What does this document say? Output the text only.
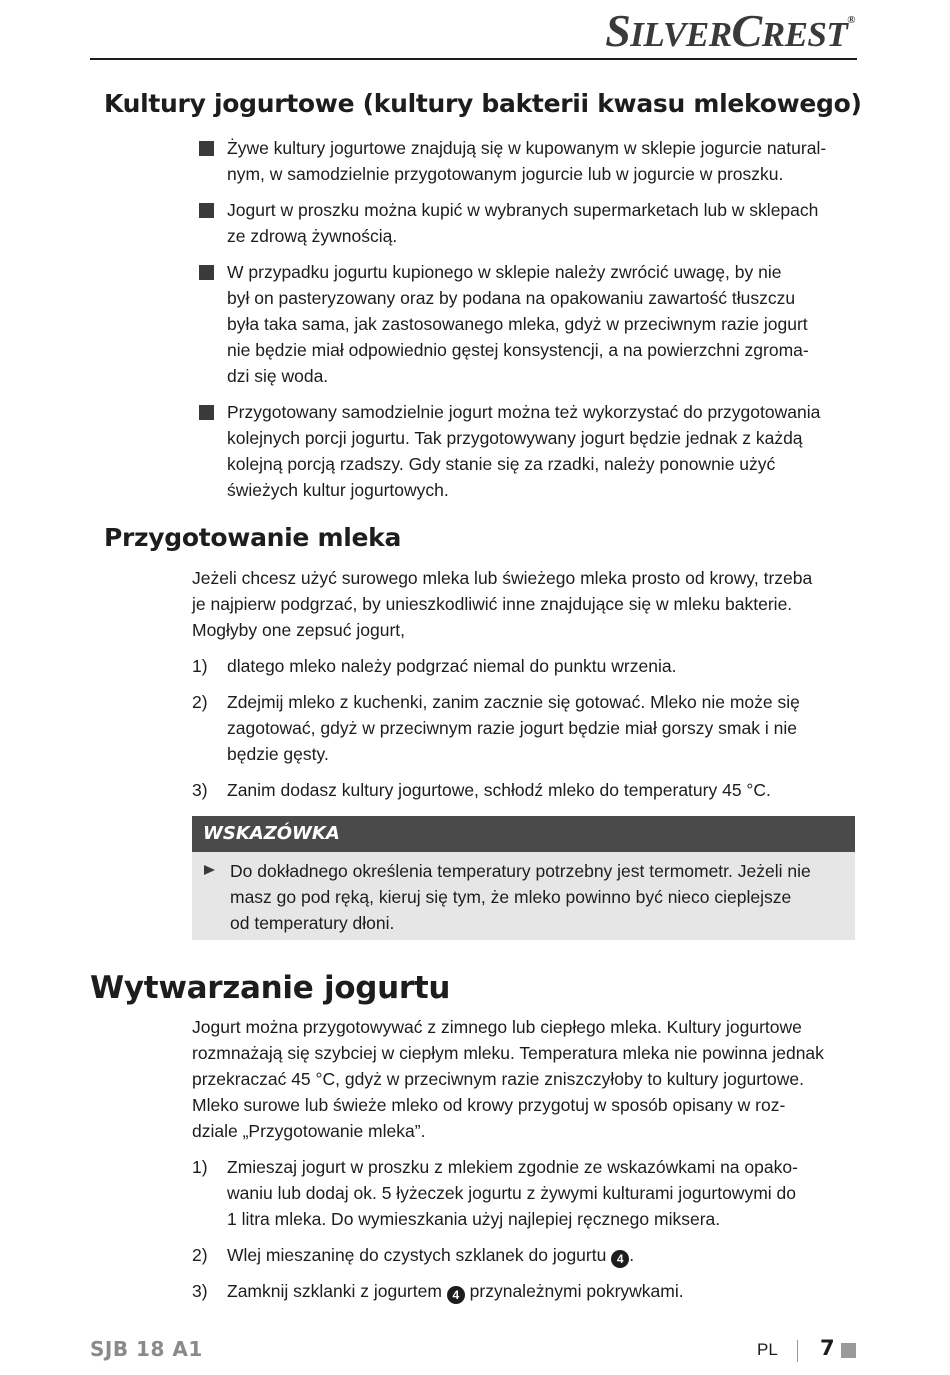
SILVERCREST®
Kultury jogurtowe (kultury bakterii kwasu mlekowego)
Żywe kultury jogurtowe znajdują się w kupowanym w sklepie jogurcie natural-
nym, w samodzielnie przygotowanym jogurcie lub w jogurcie w proszku.
Jogurt w proszku można kupić w wybranych supermarketach lub w sklepach
ze zdrową żywnością.
W przypadku jogurtu kupionego w sklepie należy zwrócić uwagę, by nie
był on pasteryzowany oraz by podana na opakowaniu zawartość tłuszczu
była taka sama, jak zastosowanego mleka, gdyż w przeciwnym razie jogurt
nie będzie miał odpowiednio gęstej konsystencji, a na powierzchni zgroma-
dzi się woda.
Przygotowany samodzielnie jogurt można też wykorzystać do przygotowania
kolejnych porcji jogurtu. Tak przygotowywany jogurt będzie jednak z każdą
kolejną porcją rzadszy. Gdy stanie się za rzadki, należy ponownie użyć
świeżych kultur jogurtowych.
Przygotowanie mleka
Jeżeli chcesz użyć surowego mleka lub świeżego mleka prosto od krowy, trzeba
je najpierw podgrzać, by unieszkodliwić inne znajdujące się w mleku bakterie.
Mogłyby one zepsuć jogurt,
1) dlatego mleko należy podgrzać niemal do punktu wrzenia.
2) Zdejmij mleko z kuchenki, zanim zacznie się gotować. Mleko nie może się
zagotować, gdyż w przeciwnym razie jogurt będzie miał gorszy smak i nie
będzie gęsty.
3) Zanim dodasz kultury jogurtowe, schłodź mleko do temperatury 45 °C.
WSKAZÓWKA
Do dokładnego określenia temperatury potrzebny jest termometr. Jeżeli nie
masz go pod ręką, kieruj się tym, że mleko powinno być nieco cieplejsze
od temperatury dłoni.
Wytwarzanie jogurtu
Jogurt można przygotowywać z zimnego lub ciepłego mleka. Kultury jogurtowe
rozmnażają się szybciej w ciepłym mleku. Temperatura mleka nie powinna jednak
przekraczać 45 °C, gdyż w przeciwnym razie zniszczyłoby to kultury jogurtowe.
Mleko surowe lub świeże mleko od krowy przygotuj w sposób opisany w roz-
dziale „Przygotowanie mleka”.
1) Zmieszaj jogurt w proszku z mlekiem zgodnie ze wskazówkami na opako-
waniu lub dodaj ok. 5 łyżeczek jogurtu z żywymi kulturami jogurtowymi do
1 litra mleka. Do wymieszkania użyj najlepiej ręcznego miksera.
2) Wlej mieszaninę do czystych szklanek do jogurtu 4 .
3) Zamknij szklanki z jogurtem 4 przynależnymi pokrywkami.
SJB 18 A1	PL 7
